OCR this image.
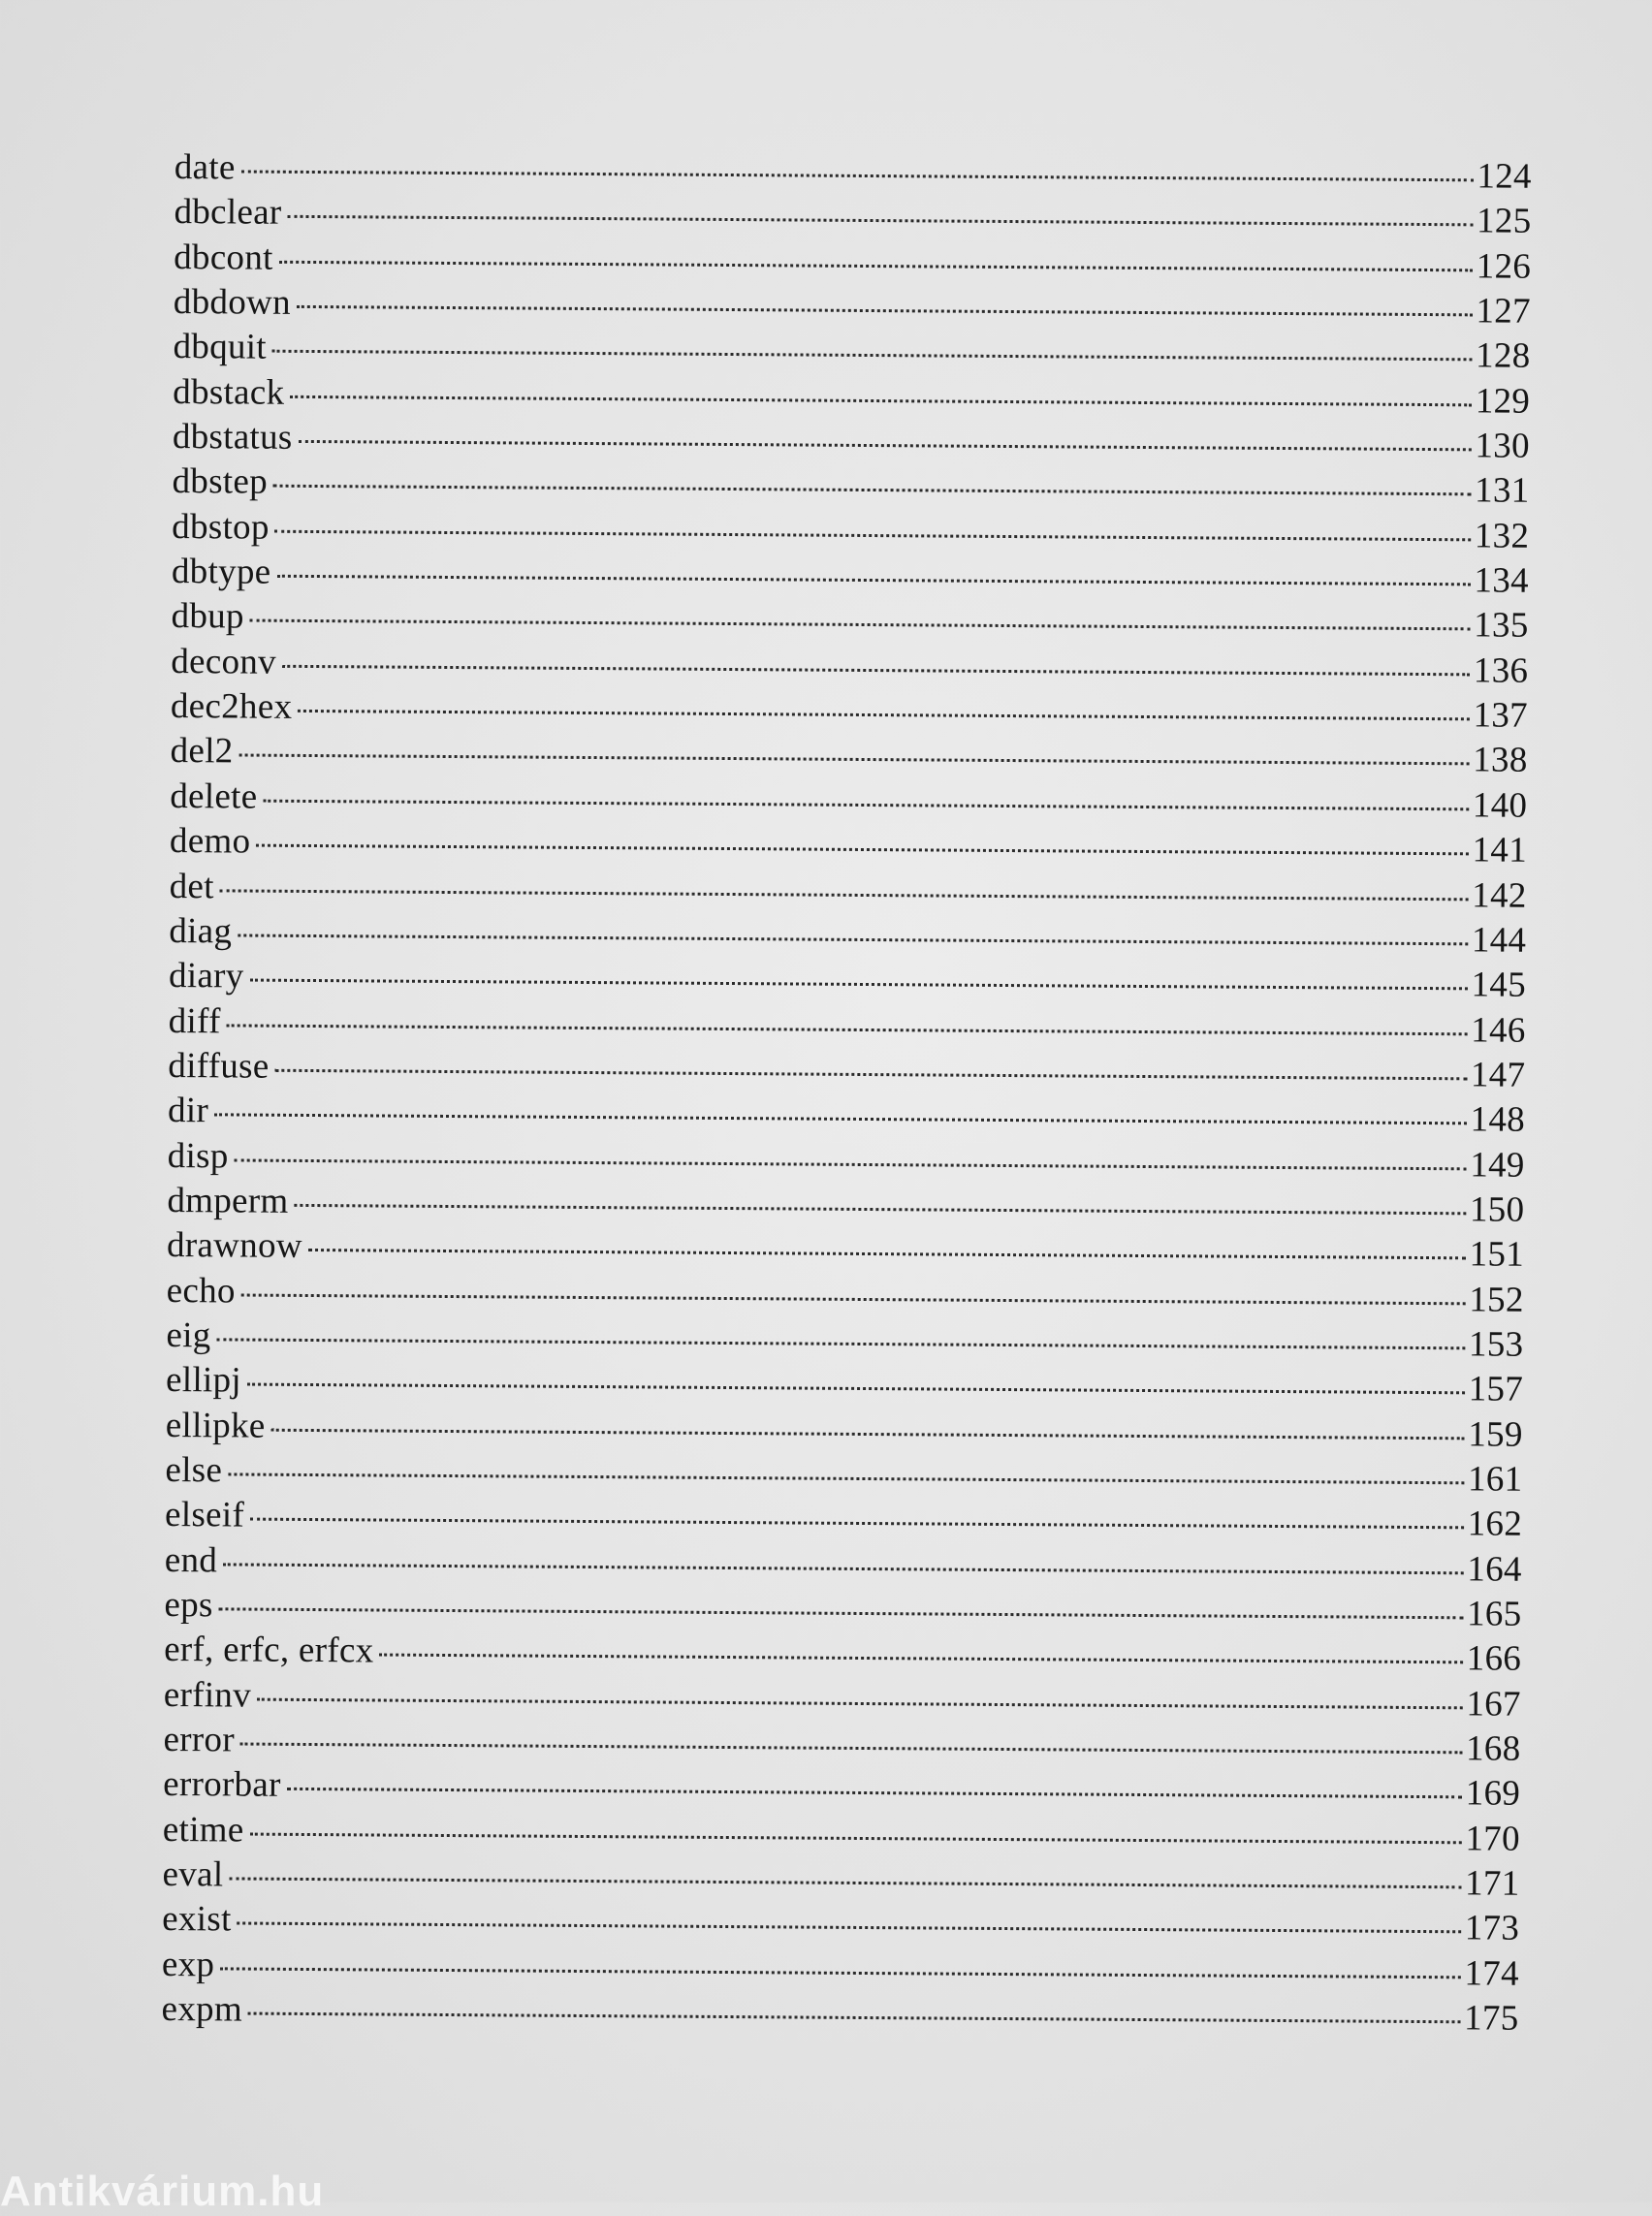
date	124
dbclear	125
dbcont	126
dbdown	127
dbquit	128
dbstack	129
dbstatus	130
dbstep	131
dbstop	132
dbtype	134
dbup	135
deconv	136
dec2hex	137
del2	138
delete	140
demo	141
det	142
diag	144
diary	145
diff	146
diffuse	147
dir	148
disp	149
dmperm	150
drawnow	151
echo	152
eig	153
ellipj	157
ellipke	159
else	161
elseif	162
end	164
eps	165
erf, erfc, erfcx	166
erfinv	167
error	168
errorbar	169
etime	170
eval	171
exist	173
exp	174
expm	175
Antikvárium.hu
